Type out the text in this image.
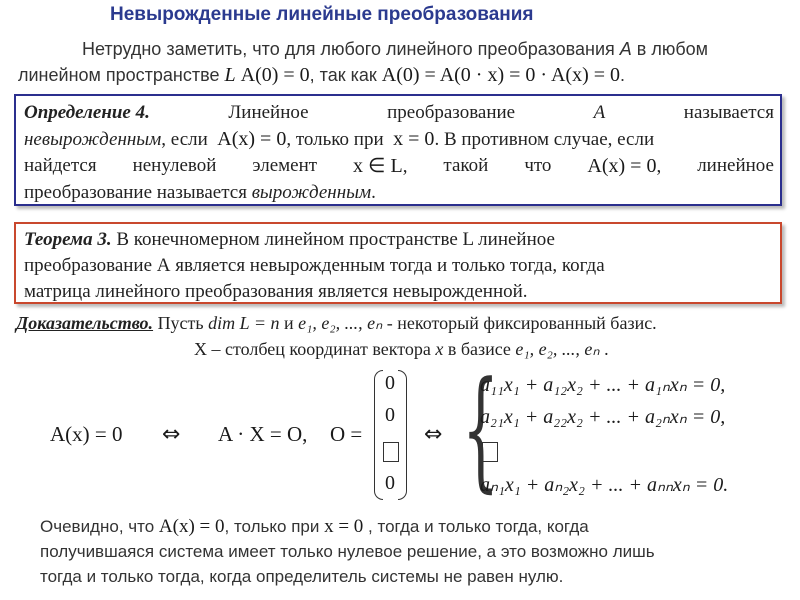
Невырожденные линейные преобразования
Нетрудно заметить, что для любого линейного преобразования A в любом
линейном пространстве L A(0) = 0, так как A(0) = A(0 · x) = 0 · A(x) = 0.
Определение 4.	Линейное	преобразование	A	называется
невырожденным, если A(x) = 0, только при x = 0. В противном случае, если
найдется ненулевой элемент x ∈ L, такой что A(x) = 0, линейное
преобразование называется вырожденным.
Теорема 3. В конечномерном линейном пространстве L линейное
преобразование А является невырожденным тогда и только тогда, когда
матрица линейного преобразования является невырожденной.
Доказательство. Пусть dim L = n и e₁, e₂, ..., eₙ - некоторый фиксированный базис.
X – столбец координат вектора x в базисе e₁, e₂, ..., eₙ .
A(x) = 0 ⇔ A · X = O, O =
0
0
0
⇔ {
a₁₁x₁ + a₁₂x₂ + ... + a₁ₙxₙ = 0,
a₂₁x₁ + a₂₂x₂ + ... + a₂ₙxₙ = 0,
aₙ₁x₁ + aₙ₂x₂ + ... + aₙₙxₙ = 0.
Очевидно, что A(x) = 0, только при x = 0 , тогда и только тогда, когда
получившаяся система имеет только нулевое решение, а это возможно лишь
тогда и только тогда, когда определитель системы не равен нулю.
